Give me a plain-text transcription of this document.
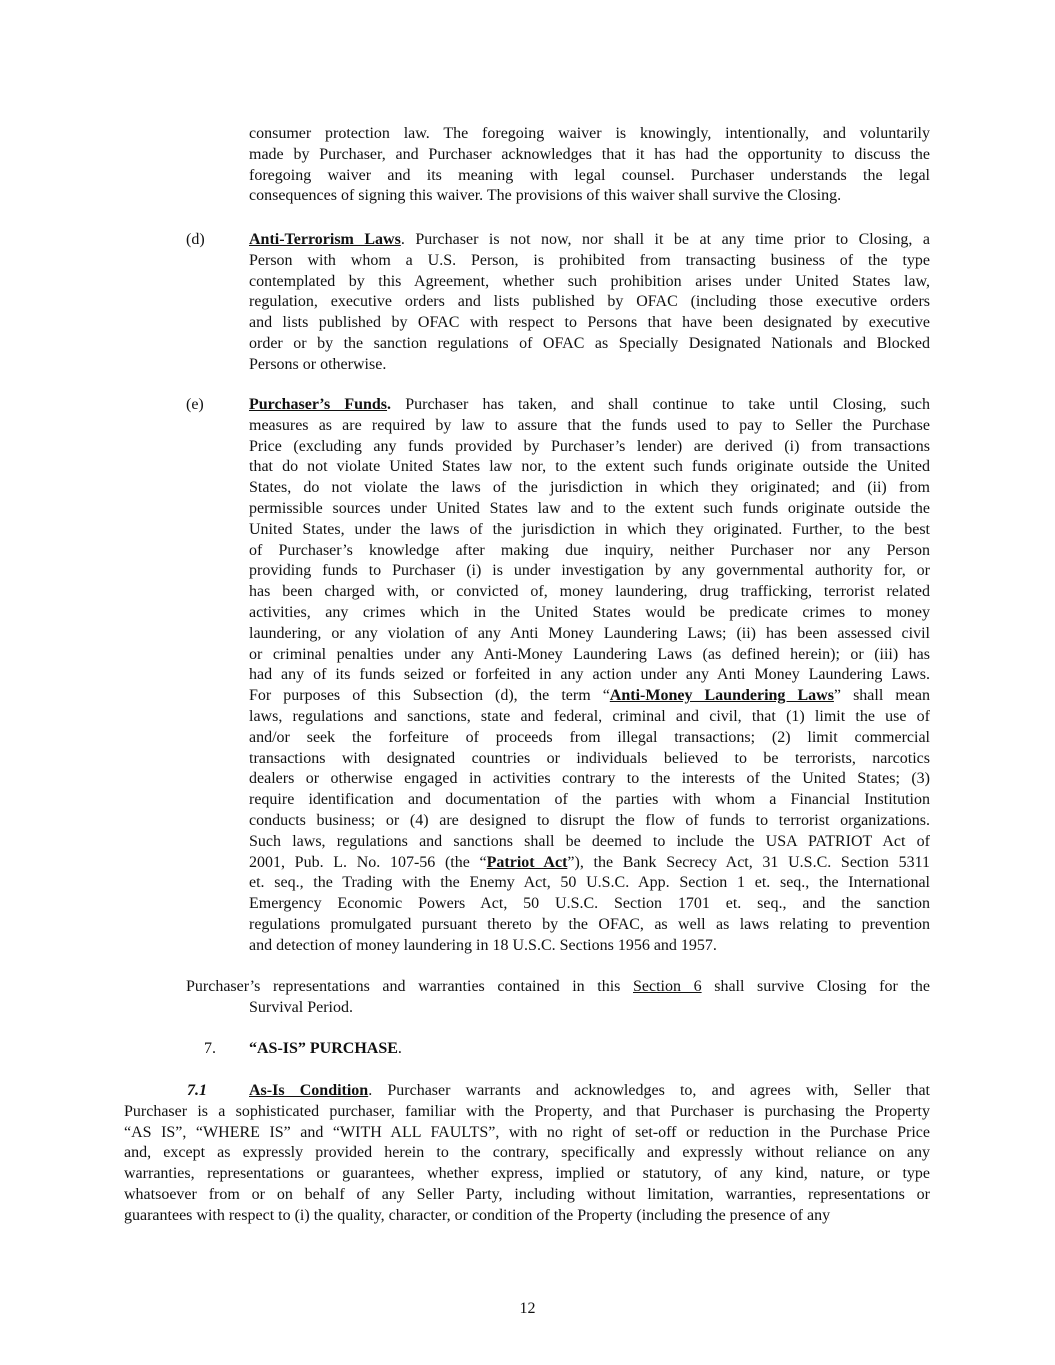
consumer protection law. The foregoing waiver is knowingly, intentionally, and voluntarily
made by Purchaser, and Purchaser acknowledges that it has had the opportunity to discuss the
foregoing waiver and its meaning with legal counsel. Purchaser understands the legal
consequences of signing this waiver. The provisions of this waiver shall survive the Closing.
(d)	Anti-Terrorism Laws. Purchaser is not now, nor shall it be at any time prior to Closing, a
Person with whom a U.S. Person, is prohibited from transacting business of the type
contemplated by this Agreement, whether such prohibition arises under United States law,
regulation, executive orders and lists published by OFAC (including those executive orders
and lists published by OFAC with respect to Persons that have been designated by executive
order or by the sanction regulations of OFAC as Specially Designated Nationals and Blocked
Persons or otherwise.
(e)	Purchaser’s Funds. Purchaser has taken, and shall continue to take until Closing, such
measures as are required by law to assure that the funds used to pay to Seller the Purchase
Price (excluding any funds provided by Purchaser’s lender) are derived (i) from transactions
that do not violate United States law nor, to the extent such funds originate outside the United
States, do not violate the laws of the jurisdiction in which they originated; and (ii) from
permissible sources under United States law and to the extent such funds originate outside the
United States, under the laws of the jurisdiction in which they originated. Further, to the best
of Purchaser’s knowledge after making due inquiry, neither Purchaser nor any Person
providing funds to Purchaser (i) is under investigation by any governmental authority for, or
has been charged with, or convicted of, money laundering, drug trafficking, terrorist related
activities, any crimes which in the United States would be predicate crimes to money
laundering, or any violation of any Anti Money Laundering Laws; (ii) has been assessed civil
or criminal penalties under any Anti-Money Laundering Laws (as defined herein); or (iii) has
had any of its funds seized or forfeited in any action under any Anti Money Laundering Laws.
For purposes of this Subsection (d), the term “Anti-Money Laundering Laws” shall mean
laws, regulations and sanctions, state and federal, criminal and civil, that (1) limit the use of
and/or seek the forfeiture of proceeds from illegal transactions; (2) limit commercial
transactions with designated countries or individuals believed to be terrorists, narcotics
dealers or otherwise engaged in activities contrary to the interests of the United States; (3)
require identification and documentation of the parties with whom a Financial Institution
conducts business; or (4) are designed to disrupt the flow of funds to terrorist organizations.
Such laws, regulations and sanctions shall be deemed to include the USA PATRIOT Act of
2001, Pub. L. No. 107-56 (the “Patriot Act”), the Bank Secrecy Act, 31 U.S.C. Section 5311
et. seq., the Trading with the Enemy Act, 50 U.S.C. App. Section 1 et. seq., the International
Emergency Economic Powers Act, 50 U.S.C. Section 1701 et. seq., and the sanction
regulations promulgated pursuant thereto by the OFAC, as well as laws relating to prevention
and detection of money laundering in 18 U.S.C. Sections 1956 and 1957.
Purchaser’s representations and warranties contained in this Section 6 shall survive Closing for the
Survival Period.
7. “AS-IS” PURCHASE.
7.1	As-Is Condition. Purchaser warrants and acknowledges to, and agrees with, Seller that
Purchaser is a sophisticated purchaser, familiar with the Property, and that Purchaser is purchasing the Property
“AS IS”, “WHERE IS” and “WITH ALL FAULTS”, with no right of set-off or reduction in the Purchase Price
and, except as expressly provided herein to the contrary, specifically and expressly without reliance on any
warranties, representations or guarantees, whether express, implied or statutory, of any kind, nature, or type
whatsoever from or on behalf of any Seller Party, including without limitation, warranties, representations or
guarantees with respect to (i) the quality, character, or condition of the Property (including the presence of any
12
